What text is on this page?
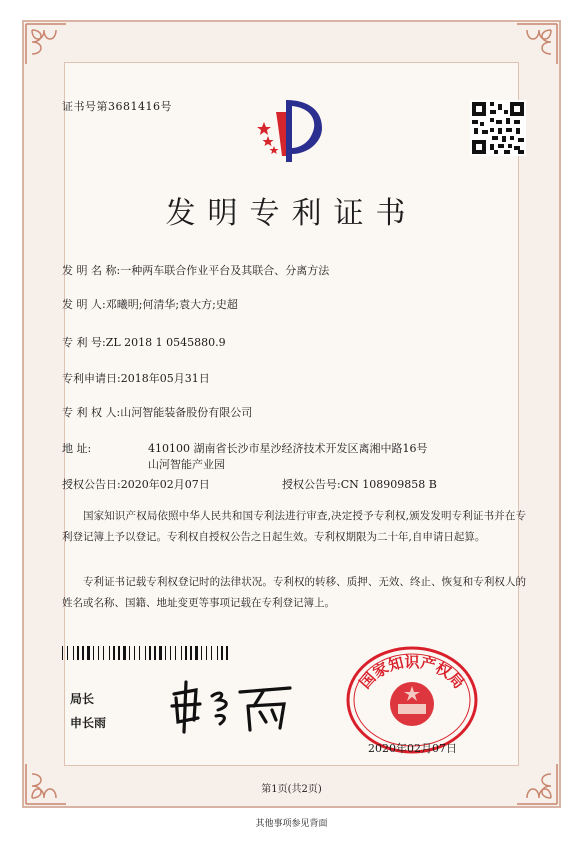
证书号第3681416号
发明专利证书
发 明 名 称:一种两车联合作业平台及其联合、分离方法
发 明 人:邓曦明;何清华;袁大方;史超
专 利 号:ZL 2018 1 0545880.9
专利申请日:2018年05月31日
专 利 权 人:山河智能装备股份有限公司
地 址:	410100 湖南省长沙市星沙经济技术开发区离湘中路16号
山河智能产业园
授权公告日:2020年02月07日	授权公告号:CN 108909858 B
国家知识产权局依照中华人民共和国专利法进行审查,决定授予专利权,颁发发明专利证书并在专利登记簿上予以登记。专利权自授权公告之日起生效。专利权期限为二十年,自申请日起算。
专利证书记载专利权登记时的法律状况。专利权的转移、质押、无效、终止、恢复和专利权人的姓名或名称、国籍、地址变更等事项记载在专利登记簿上。
局长
申长雨
国家知识产权局
2020年02月07日
第1页(共2页)
其他事项参见背面
